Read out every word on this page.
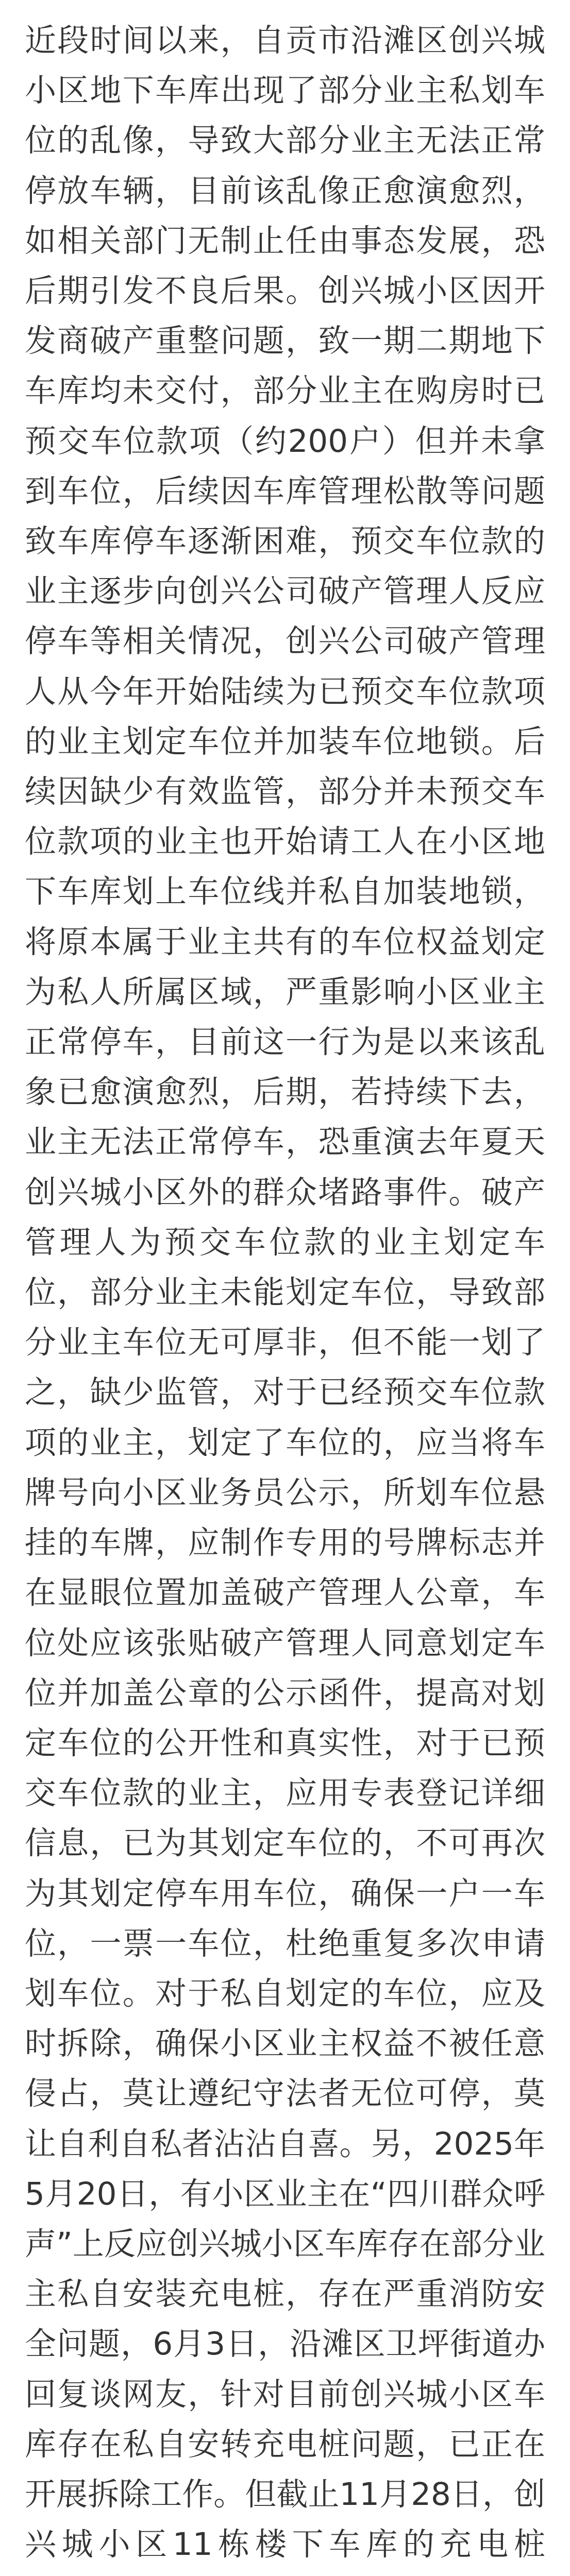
近段时间以来，自贡市沿滩区创兴城小区地下车库出现了部分业主私划车位的乱像，导致大部分业主无法正常停放车辆，目前该乱像正愈演愈烈，如相关部门无制止任由事态发展，恐后期引发不良后果。创兴城小区因开发商破产重整问题，致一期二期地下车库均未交付，部分业主在购房时已预交车位款项（约200户）但并未拿到车位，后续因车库管理松散等问题致车库停车逐渐困难，预交车位款的业主逐步向创兴公司破产管理人反应停车等相关情况，创兴公司破产管理人从今年开始陆续为已预交车位款项的业主划定车位并加装车位地锁。后续因缺少有效监管，部分并未预交车位款项的业主也开始请工人在小区地下车库划上车位线并私自加装地锁，将原本属于业主共有的车位权益划定为私人所属区域，严重影响小区业主正常停车，目前这一行为是以来该乱象已愈演愈烈，后期，若持续下去，业主无法正常停车，恐重演去年夏天创兴城小区外的群众堵路事件。破产管理人为预交车位款的业主划定车位，部分业主未能划定车位，导致部分业主车位无可厚非，但不能一划了之，缺少监管，对于已经预交车位款项的业主，划定了车位的，应当将车牌号向小区业务员公示，所划车位悬挂的车牌，应制作专用的号牌标志并在显眼位置加盖破产管理人公章，车位处应该张贴破产管理人同意划定车位并加盖公章的公示函件，提高对划定车位的公开性和真实性，对于已预交车位款的业主，应用专表登记详细信息，已为其划定车位的，不可再次为其划定停车用车位，确保一户一车位，一票一车位，杜绝重复多次申请划车位。对于私自划定的车位，应及时拆除，确保小区业主权益不被任意侵占，莫让遵纪守法者无位可停，莫让自利自私者沾沾自喜。另，2025年5月20日，有小区业主在“四川群众呼声”上反应创兴城小区车库存在部分业主私自安装充电桩，存在严重消防安全问题，6月3日，沿滩区卫坪街道办回复谈网友，针对目前创兴城小区车库存在私自安转充电桩问题，已正在开展拆除工作。但截止11月28日，创兴城小区11栋楼下车库的充电桩
